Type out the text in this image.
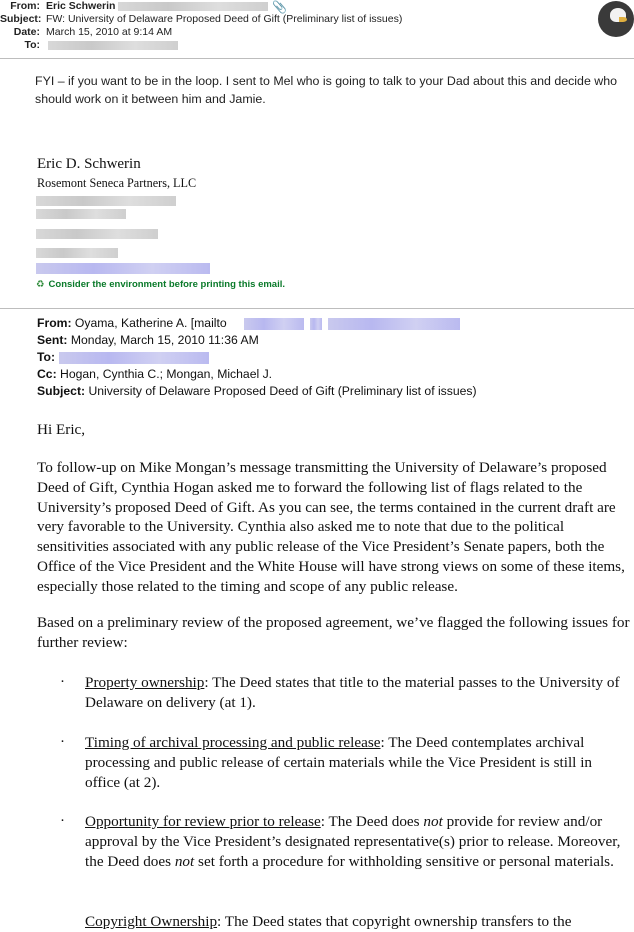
From: Eric Schwerin	📎
Subject: FW: University of Delaware Proposed Deed of Gift (Preliminary list of issues)
Date: March 15, 2010 at 9:14 AM
To:
FYI – if you want to be in the loop. I sent to Mel who is going to talk to your Dad about this and decide who should work on it between him and Jamie.
Eric D. Schwerin
Rosemont Seneca Partners, LLC
♻ Consider the environment before printing this email.
From: Oyama, Katherine A. [mailto
Sent: Monday, March 15, 2010 11:36 AM
To:
Cc: Hogan, Cynthia C.; Mongan, Michael J.
Subject: University of Delaware Proposed Deed of Gift (Preliminary list of issues)
Hi Eric,
To follow-up on Mike Mongan’s message transmitting the University of Delaware’s proposed Deed of Gift, Cynthia Hogan asked me to forward the following list of flags related to the University’s proposed Deed of Gift. As you can see, the terms contained in the current draft are very favorable to the University. Cynthia also asked me to note that due to the political sensitivities associated with any public release of the Vice President’s Senate papers, both the Office of the Vice President and the White House will have strong views on some of these items, especially those related to the timing and scope of any public release.
Based on a preliminary review of the proposed agreement, we’ve flagged the following issues for further review:
· Property ownership: The Deed states that title to the material passes to the University of Delaware on delivery (at 1).
· Timing of archival processing and public release: The Deed contemplates archival processing and public release of certain materials while the Vice President is still in office (at 2).
· Opportunity for review prior to release: The Deed does not provide for review and/or approval by the Vice President’s designated representative(s) prior to release. Moreover, the Deed does not set forth a procedure for withholding sensitive or personal materials.
Copyright Ownership: The Deed states that copyright ownership transfers to the
